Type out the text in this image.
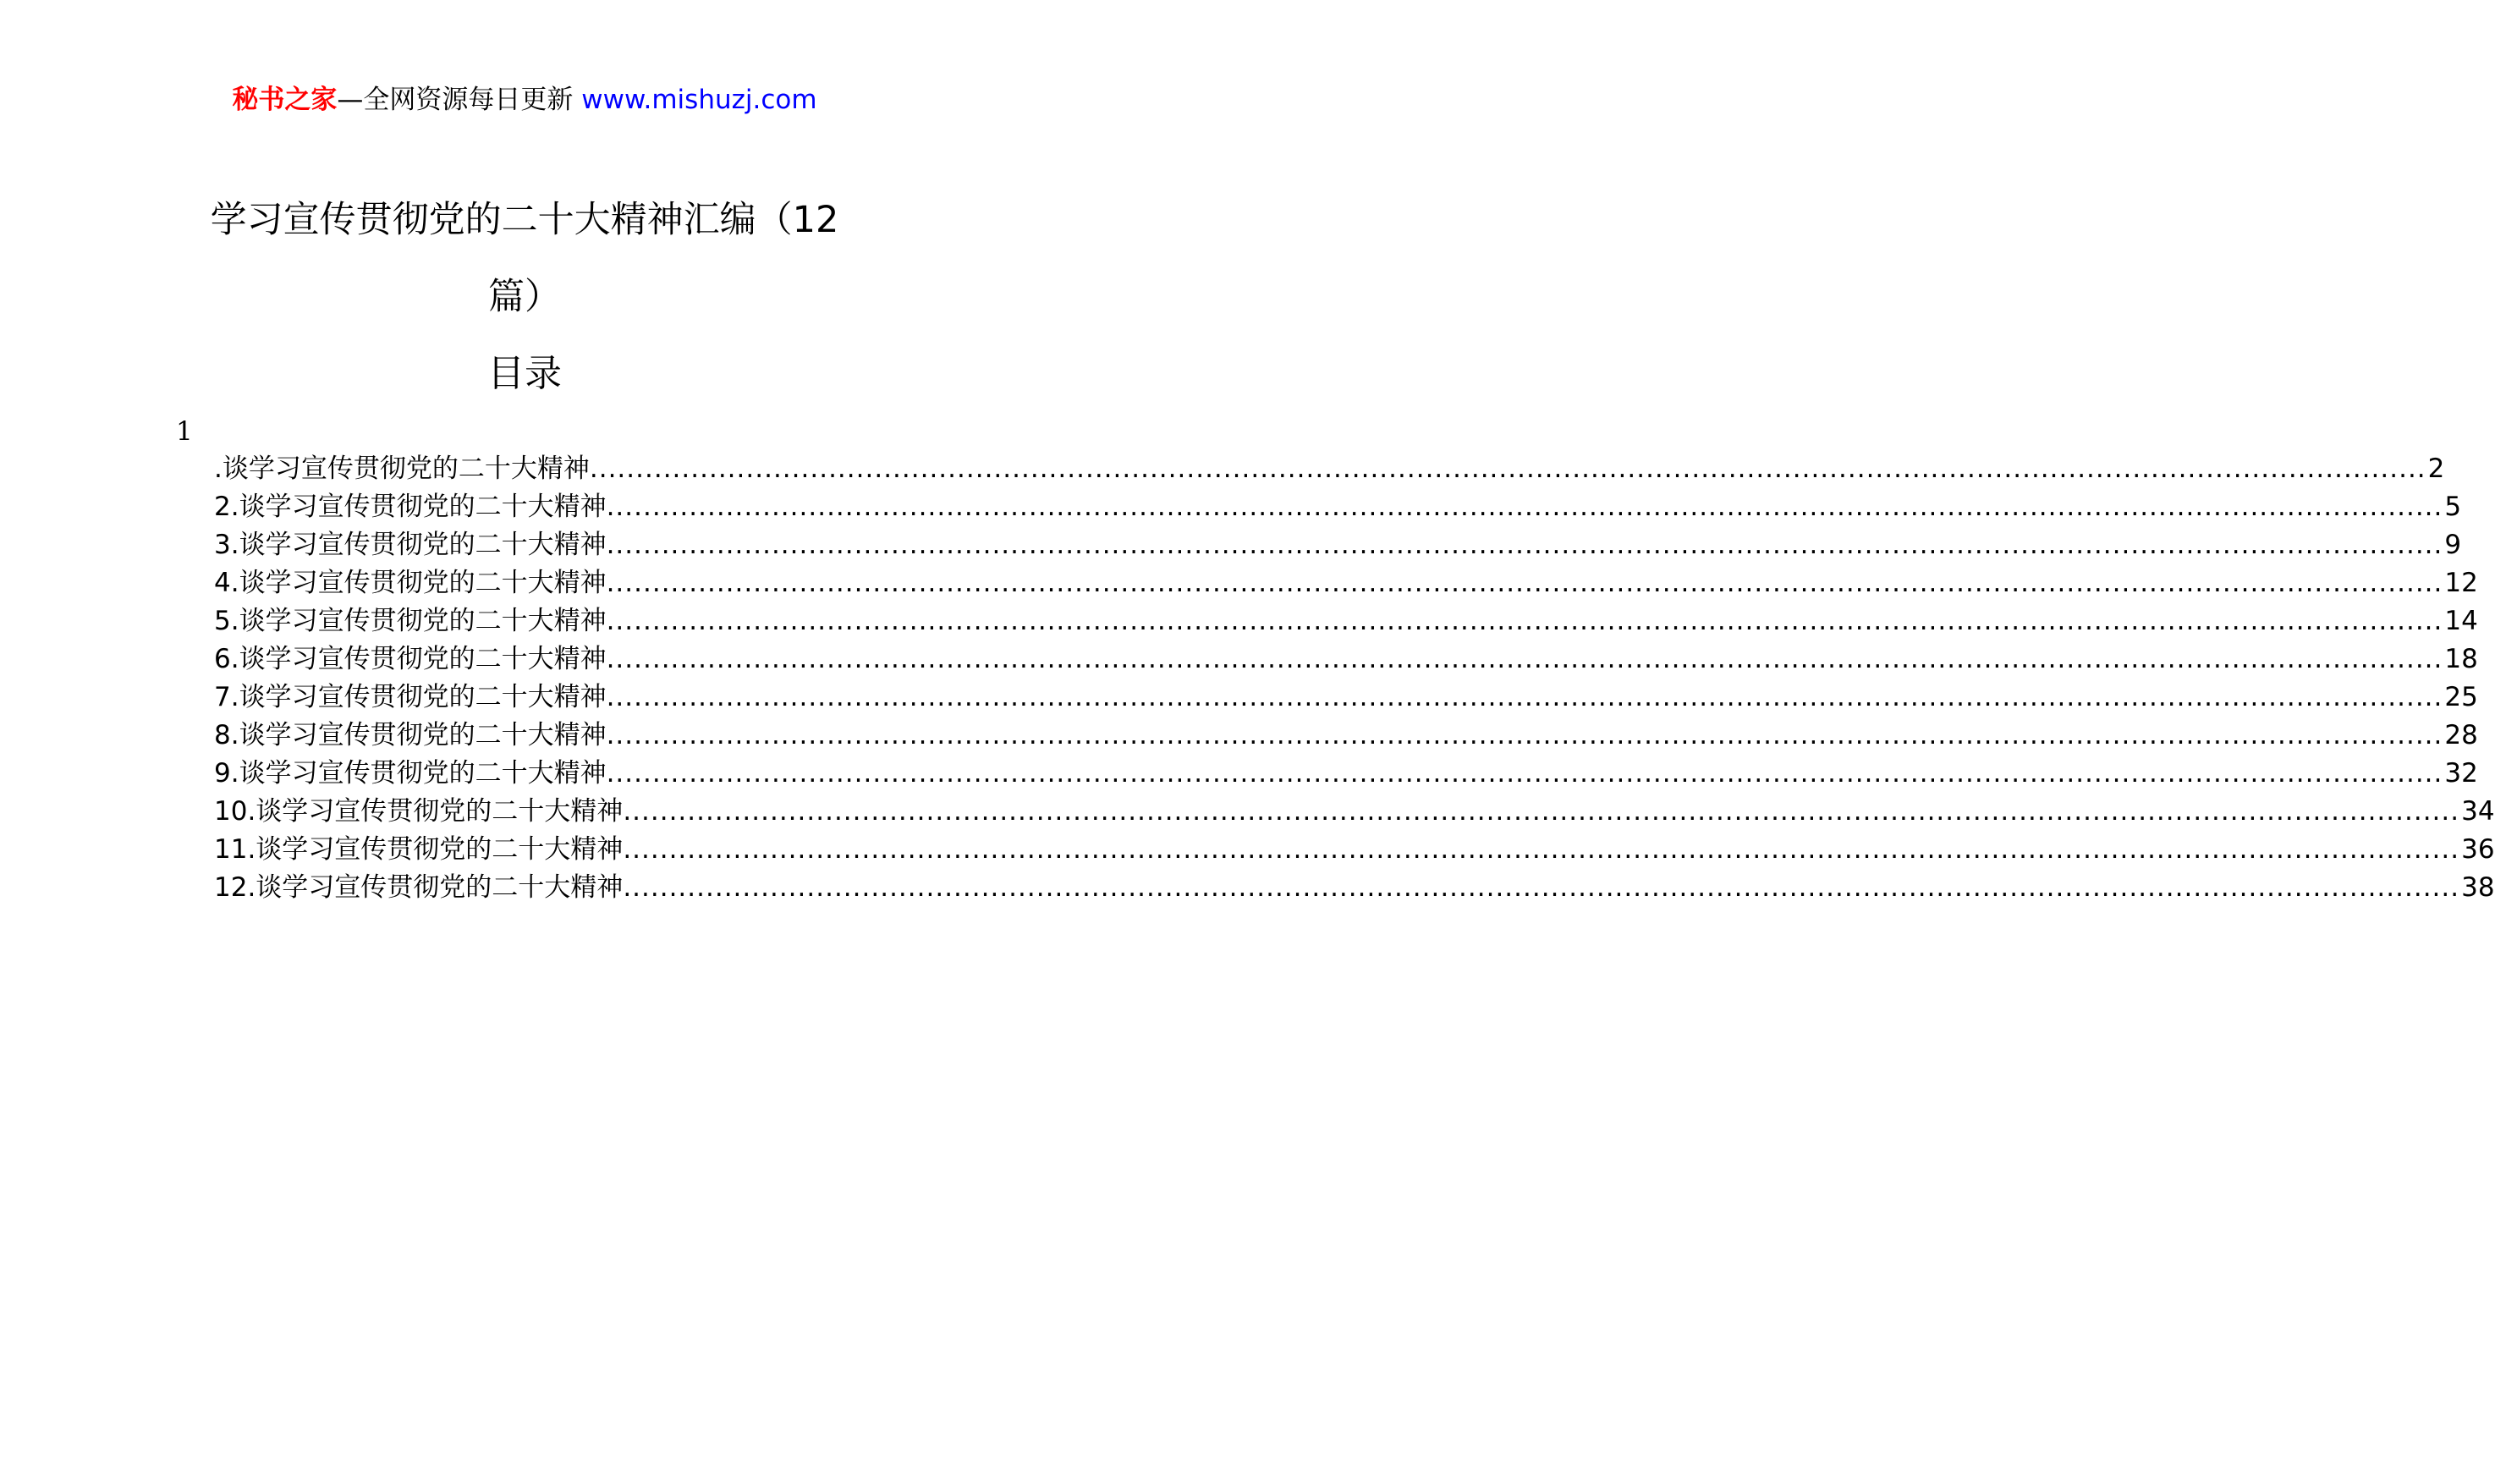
秘书之家—全网资源每日更新 www.mishuzj.com
学习宣传贯彻党的二十大精神汇编（12
篇）
目录
1
.谈学习宣传贯彻党的二十大精神 ........................................................................................................................................................................................................ 2
2.谈学习宣传贯彻党的二十大精神 ........................................................................................................................................................................................................ 5
3.谈学习宣传贯彻党的二十大精神 ........................................................................................................................................................................................................ 9
4.谈学习宣传贯彻党的二十大精神 ........................................................................................................................................................................................................ 12
5.谈学习宣传贯彻党的二十大精神 ........................................................................................................................................................................................................ 14
6.谈学习宣传贯彻党的二十大精神 ........................................................................................................................................................................................................ 18
7.谈学习宣传贯彻党的二十大精神 ........................................................................................................................................................................................................ 25
8.谈学习宣传贯彻党的二十大精神 ........................................................................................................................................................................................................ 28
9.谈学习宣传贯彻党的二十大精神 ........................................................................................................................................................................................................ 32
10.谈学习宣传贯彻党的二十大精神 ........................................................................................................................................................................................................ 34
11.谈学习宣传贯彻党的二十大精神 ........................................................................................................................................................................................................ 36
12.谈学习宣传贯彻党的二十大精神 ........................................................................................................................................................................................................ 38
